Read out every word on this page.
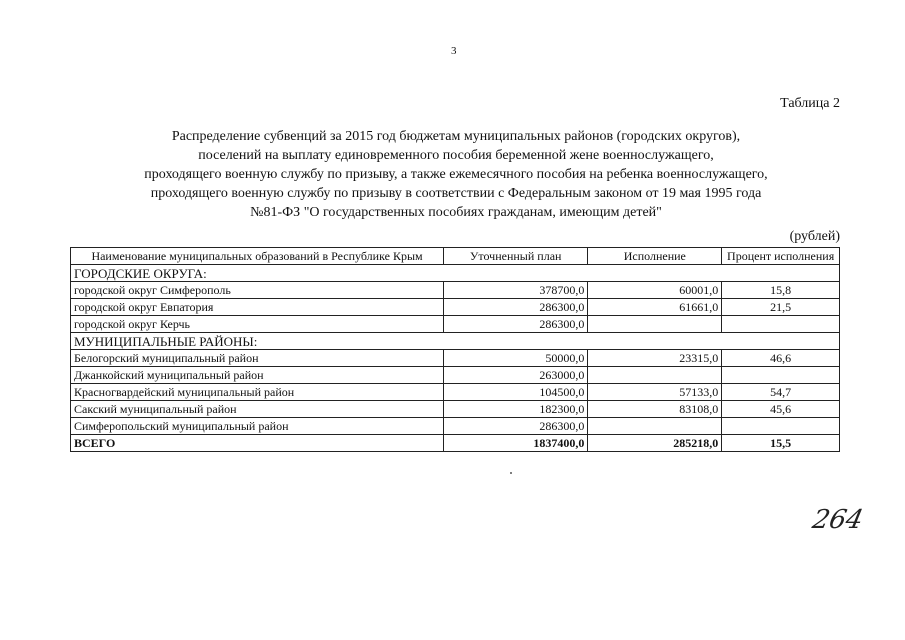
3
Таблица 2
Распределение субвенций за 2015 год бюджетам муниципальных районов (городских округов),
поселений на выплату единовременного пособия беременной жене военнослужащего,
проходящего военную службу по призыву, а также ежемесячного пособия на ребенка военнослужащего,
проходящего военную службу по призыву в соответствии с Федеральным законом от 19 мая 1995 года
№81-ФЗ "О государственных пособиях гражданам, имеющим детей"
(рублей)
Наименование муниципальных образований в Республике Крым	Уточненный план	Исполнение	Процент исполнения
ГОРОДСКИЕ ОКРУГА:			
городской округ Симферополь	378700,0	60001,0	15,8
городской округ Евпатория	286300,0	61661,0	21,5
городской округ Керчь	286300,0		
МУНИЦИПАЛЬНЫЕ РАЙОНЫ:			
Белогорский муниципальный район	50000,0	23315,0	46,6
Джанкойский муниципальный район	263000,0		
Красногвардейский муниципальный район	104500,0	57133,0	54,7
Сакский муниципальный район	182300,0	83108,0	45,6
Симферопольский муниципальный район	286300,0		
ВСЕГО	1837400,0	285218,0	15,5
264
